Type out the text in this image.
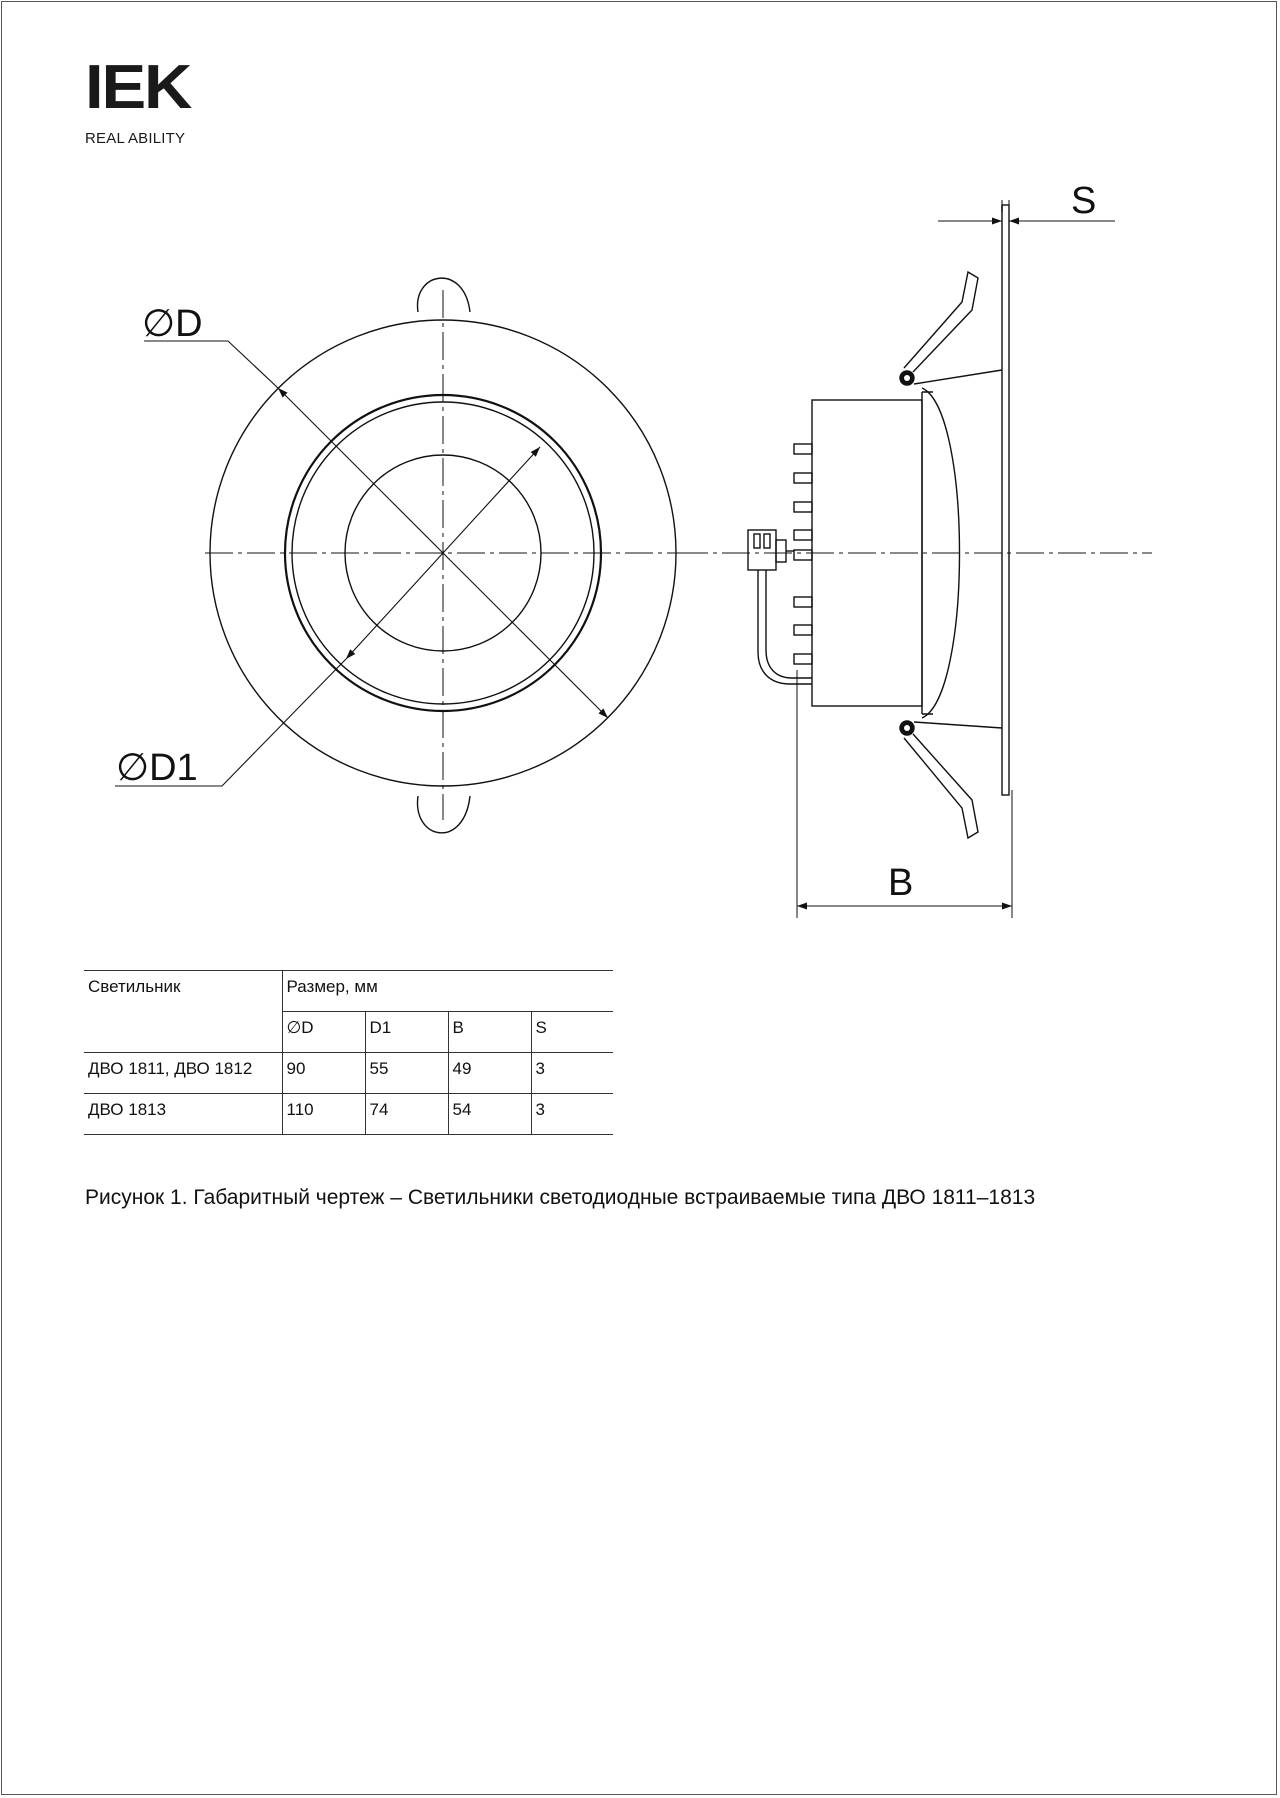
IEK
REAL ABILITY
∅D
∅D1
S
B
Светильник	Размер, мм			
	∅D	D1	B	S
ДВО 1811, ДВО 1812	90	55	49	3
ДВО 1813	110	74	54	3
Рисунок 1. Габаритный чертеж – Светильники светодиодные встраиваемые типа ДВО 1811–1813
